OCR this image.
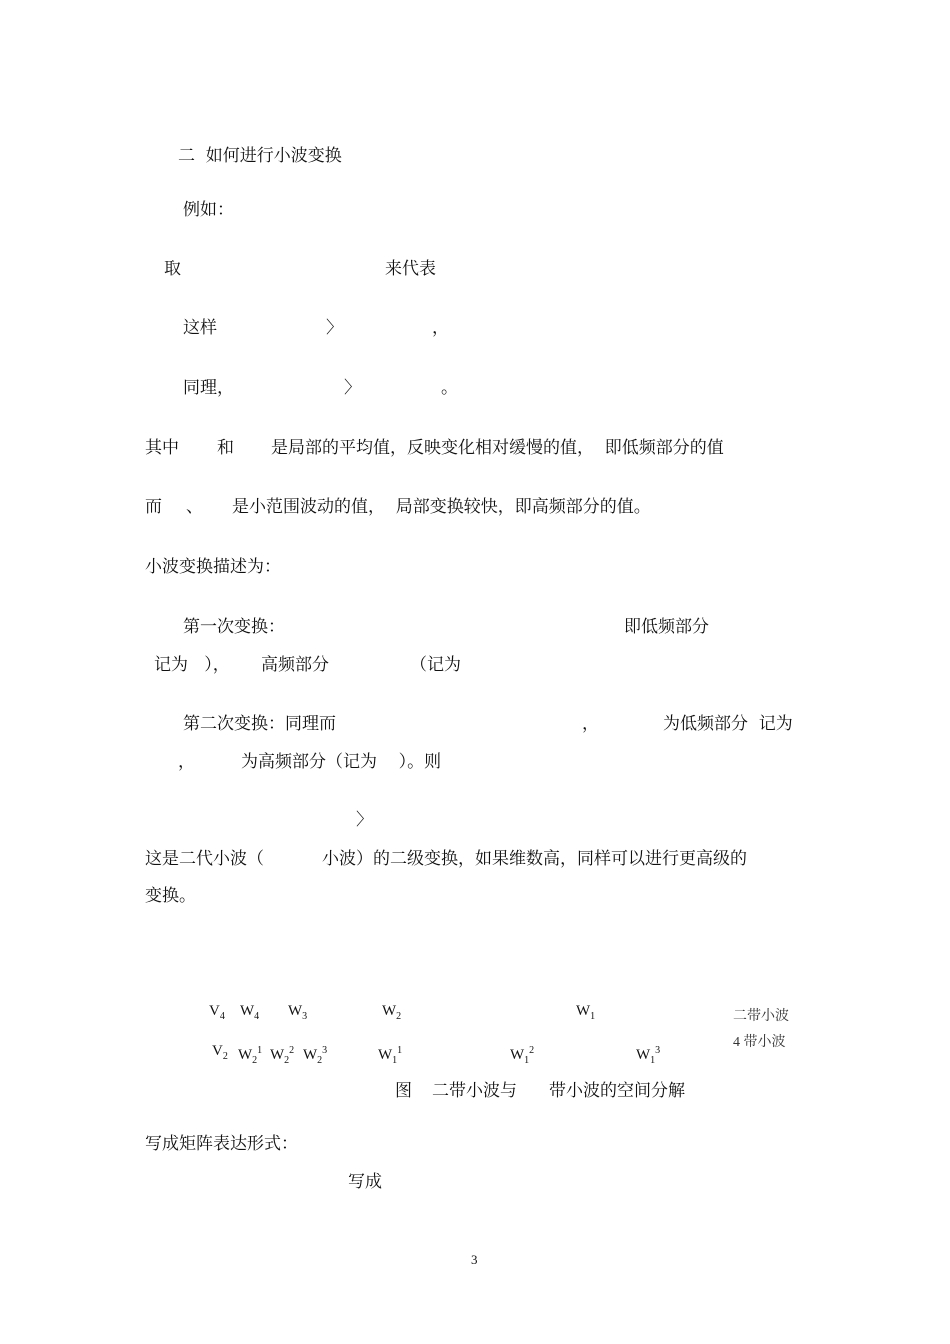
二  如何进行小波变换
例如：
取	来代表
这样	〉	，
同理，	〉	。
其中 和 是局部的平均值，反映变化相对缓慢的值，  即低频部分的值
而 、 是小范围波动的值，  局部变换较快，即高频部分的值。
小波变换描述为：
第一次变换：	即低频部分
记为   ）， 高频部分	（记为
第二次变换：同理而	，	为低频部分  记为
，	为高频部分（记为    ）。则
〉
这是二代小波（	小波）的二级变换，如果维数高，同样可以进行更高级的
变换。
$V_4$ $W_4$ $W_3$	$W_2$	$W_1$
$V_2$ $W_2^1$ $W_2^2$ $W_2^3$	$W_1^1$	$W_1^2$	$W_1^3$
二带小波
4 带小波
图 二带小波与 带小波的空间分解
写成矩阵表达形式：
写成
3
